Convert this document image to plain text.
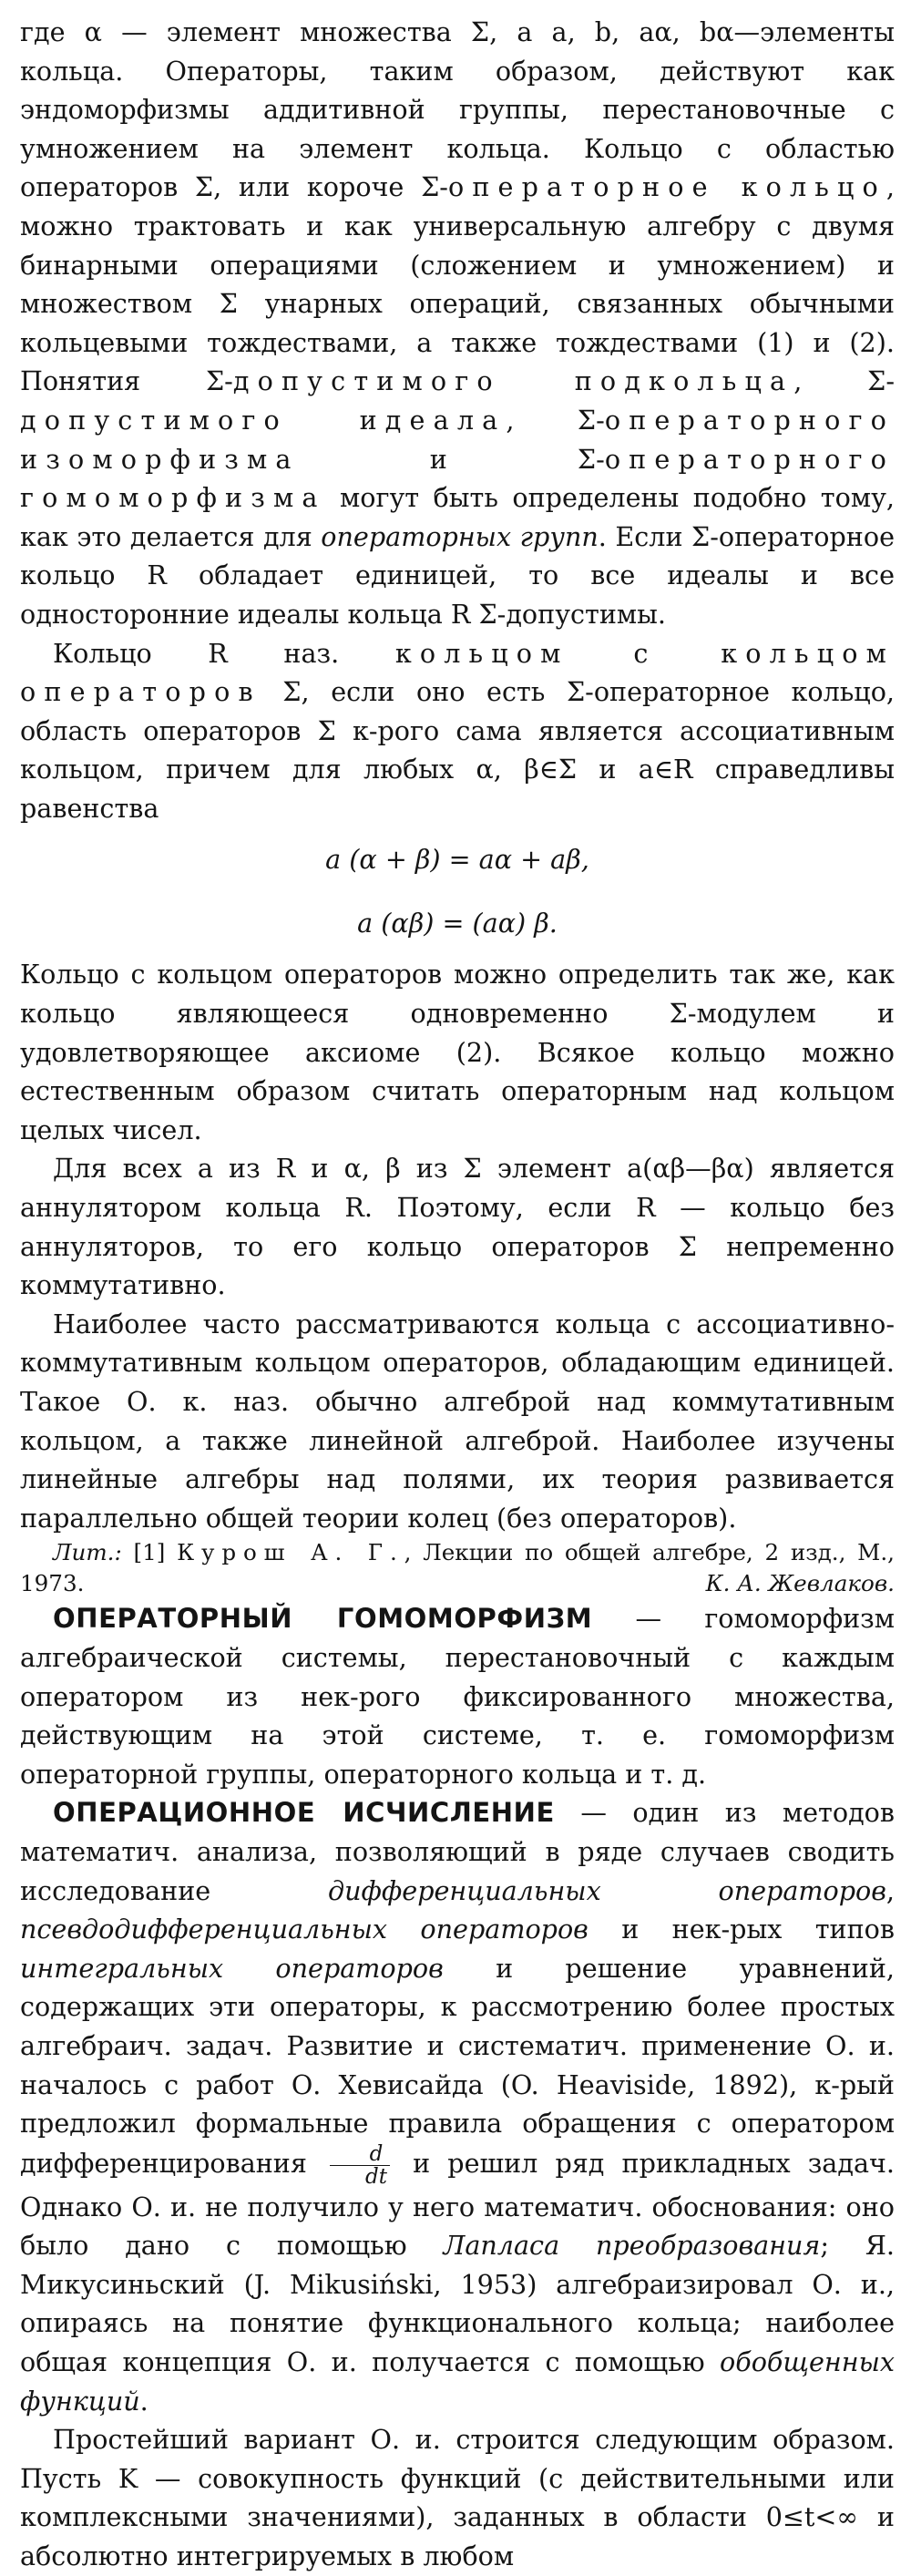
где α — элемент множества Σ, а a, b, aα, bα—элементы кольца. Операторы, таким образом, действуют как эндоморфизмы аддитивной группы, перестановочные с умножением на элемент кольца. Кольцо с областью операторов Σ, или короче Σ-операторное кольцо, можно трактовать и как универсальную алгебру с двумя бинарными операциями (сложением и умножением) и множеством Σ унарных операций, связанных обычными кольцевыми тождествами, а также тождествами (1) и (2). Понятия Σ-допустимого подкольца, Σ-допустимого идеала, Σ-операторного изоморфизма и Σ-операторного гомоморфизма могут быть определены подобно тому, как это делается для операторных групп. Если Σ-операторное кольцо R обладает единицей, то все идеалы и все односторонние идеалы кольца R Σ-допустимы.

Кольцо R наз. кольцом с кольцом операторов Σ, если оно есть Σ-операторное кольцо, область операторов Σ к-рого сама является ассоциативным кольцом, причем для любых α, β∈Σ и a∈R справедливы равенства

a (α + β) = aα + aβ,

a (αβ) = (aα) β.

Кольцо с кольцом операторов можно определить так же, как кольцо являющееся одновременно Σ-модулем и удовлетворяющее аксиоме (2). Всякое кольцо можно естественным образом считать операторным над кольцом целых чисел.

Для всех a из R и α, β из Σ элемент a(αβ—βα) является аннулятором кольца R. Поэтому, если R — кольцо без аннуляторов, то его кольцо операторов Σ непременно коммутативно.

Наиболее часто рассматриваются кольца с ассоциативно-коммутативным кольцом операторов, обладающим единицей. Такое О. к. наз. обычно алгеброй над коммутативным кольцом, а также линейной алгеброй. Наиболее изучены линейные алгебры над полями, их теория развивается параллельно общей теории колец (без операторов).

Лит.: [1] Курош А. Г., Лекции по общей алгебре, 2 изд., М., 1973.	К. А. Жевлаков.

ОПЕРАТОРНЫЙ ГОМОМОРФИЗМ — гомоморфизм алгебраической системы, перестановочный с каждым оператором из нек-рого фиксированного множества, действующим на этой системе, т. е. гомоморфизм операторной группы, операторного кольца и т. д.

ОПЕРАЦИОННОЕ ИСЧИСЛЕНИЕ — один из методов математич. анализа, позволяющий в ряде случаев сводить исследование дифференциальных операторов, псевдодифференциальных операторов и нек-рых типов интегральных операторов и решение уравнений, содержащих эти операторы, к рассмотрению более простых алгебраич. задач. Развитие и систематич. применение О. и. началось с работ О. Хевисайда (O. Heaviside, 1892), к-рый предложил формальные правила обращения с оператором дифференцирования $\frac{d}{dt}$ и решил ряд прикладных задач. Однако О. и. не получило у него математич. обоснования: оно было дано с помощью Лапласа преобразования; Я. Микусиньский (J. Mikusiński, 1953) алгебраизировал О. и., опираясь на понятие функционального кольца; наиболее общая концепция О. и. получается с помощью обобщенных функций.

Простейший вариант О. и. строится следующим образом. Пусть K — совокупность функций (с действительными или комплексными значениями), заданных в области 0≤t<∞ и абсолютно интегрируемых в любом
